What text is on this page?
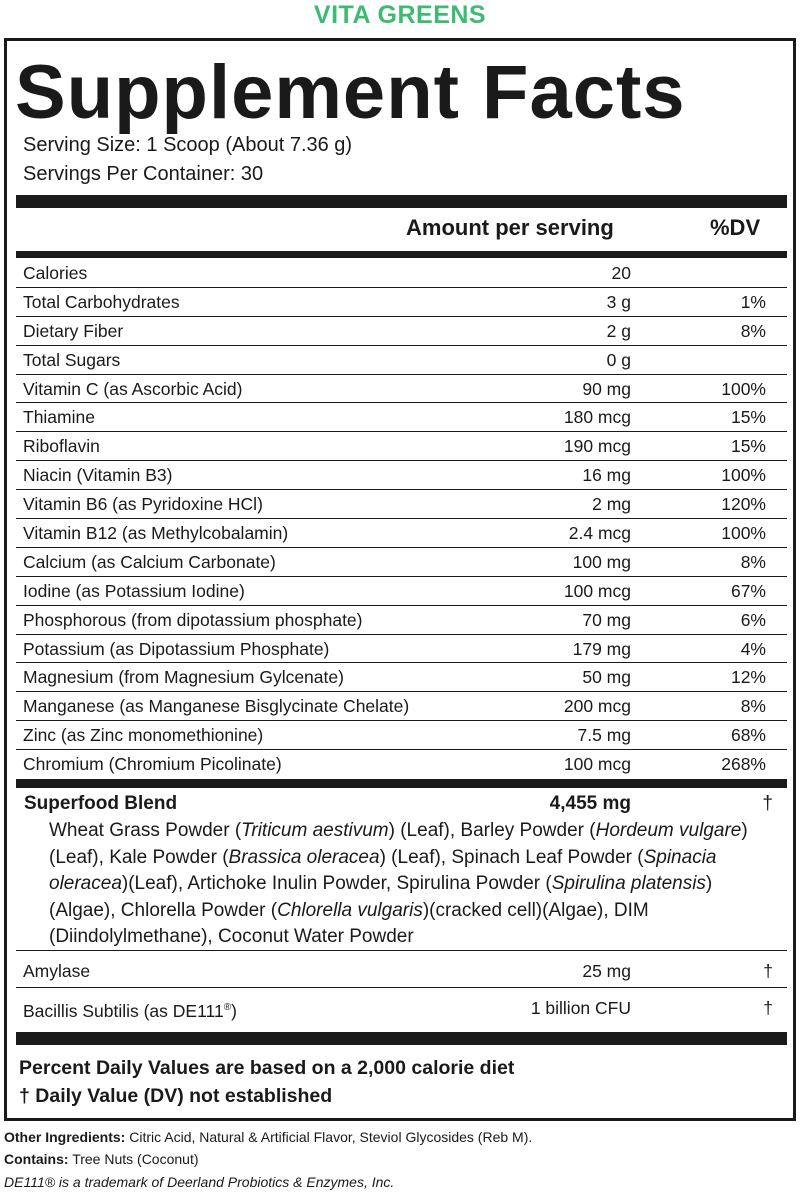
VITA GREENS
Supplement Facts
Serving Size: 1 Scoop (About 7.36 g)
Servings Per Container: 30
Amount per serving	%DV
Calories	20
Total Carbohydrates	3 g	1%
Dietary Fiber	2 g	8%
Total Sugars	0 g
Vitamin C (as Ascorbic Acid)	90 mg	100%
Thiamine	180 mcg	15%
Riboflavin	190 mcg	15%
Niacin (Vitamin B3)	16 mg	100%
Vitamin B6 (as Pyridoxine HCl)	2 mg	120%
Vitamin B12 (as Methylcobalamin)	2.4 mcg	100%
Calcium (as Calcium Carbonate)	100 mg	8%
Iodine (as Potassium Iodine)	100 mcg	67%
Phosphorous (from dipotassium phosphate)	70 mg	6%
Potassium (as Dipotassium Phosphate)	179 mg	4%
Magnesium (from Magnesium Gylcenate)	50 mg	12%
Manganese (as Manganese Bisglycinate Chelate)	200 mcg	8%
Zinc (as Zinc monomethionine)	7.5 mg	68%
Chromium (Chromium Picolinate)	100 mcg	268%
Superfood Blend	4,455 mg	†
Wheat Grass Powder (Triticum aestivum) (Leaf), Barley Powder (Hordeum vulgare) (Leaf), Kale Powder (Brassica oleracea) (Leaf), Spinach Leaf Powder (Spinacia oleracea)(Leaf), Artichoke Inulin Powder, Spirulina Powder (Spirulina platensis) (Algae), Chlorella Powder (Chlorella vulgaris)(cracked cell)(Algae), DIM (Diindolylmethane), Coconut Water Powder
Amylase	25 mg	†
Bacillis Subtilis (as DE111®)	1 billion CFU	†
Percent Daily Values are based on a 2,000 calorie diet
† Daily Value (DV) not established
Other Ingredients: Citric Acid, Natural & Artificial Flavor, Steviol Glycosides (Reb M).
Contains: Tree Nuts (Coconut)
DE111® is a trademark of Deerland Probiotics & Enzymes, Inc.
